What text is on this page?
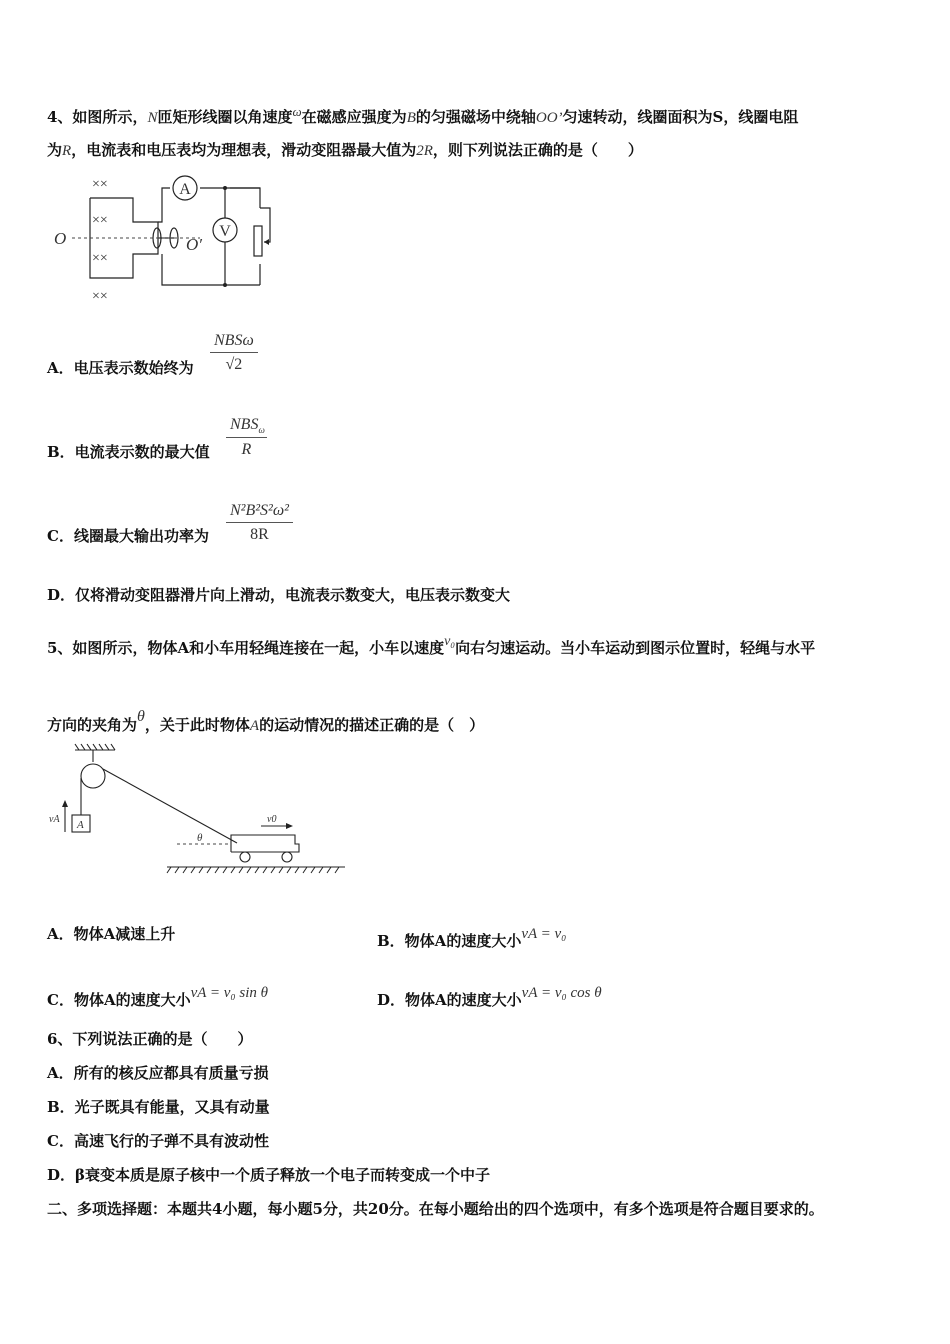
4、如图所示，N匝矩形线圈以角速度ω在磁感应强度为B的匀强磁场中绕轴OO’匀速转动，线圈面积为S，线圈电阻
为R，电流表和电压表均为理想表，滑动变阻器最大值为2R，则下列说法正确的是（　　）
××
××
××
××
O	O′
A
V
A．电压表示数始终为
NBSω
√2
B．电流表示数的最大值
$NBS_\omega$
R
C．线圈最大输出功率为 $\frac{\text{N²B²S²ω²}}{8R}$
D．仅将滑动变阻器滑片向上滑动，电流表示数变大，电压表示数变大
5、如图所示，物体A和小车用轻绳连接在一起，小车以速度v₀向右匀速运动。当小车运动到图示位置时，轻绳与水平
方向的夹角为θ，关于此时物体A的运动情况的描述正确的是（　）
vA A
θ
v0
A．物体A减速上升	B．物体A的速度大小vA = v₀
C．物体A的速度大小vA = v₀ sin θ	D．物体A的速度大小vA = v₀ cos θ
6、下列说法正确的是（　　）
A．所有的核反应都具有质量亏损
B．光子既具有能量，又具有动量
C．高速飞行的子弹不具有波动性
D．β衰变本质是原子核中一个质子释放一个电子而转变成一个中子
二、多项选择题：本题共4小题，每小题5分，共20分。在每小题给出的四个选项中，有多个选项是符合题目要求的。
